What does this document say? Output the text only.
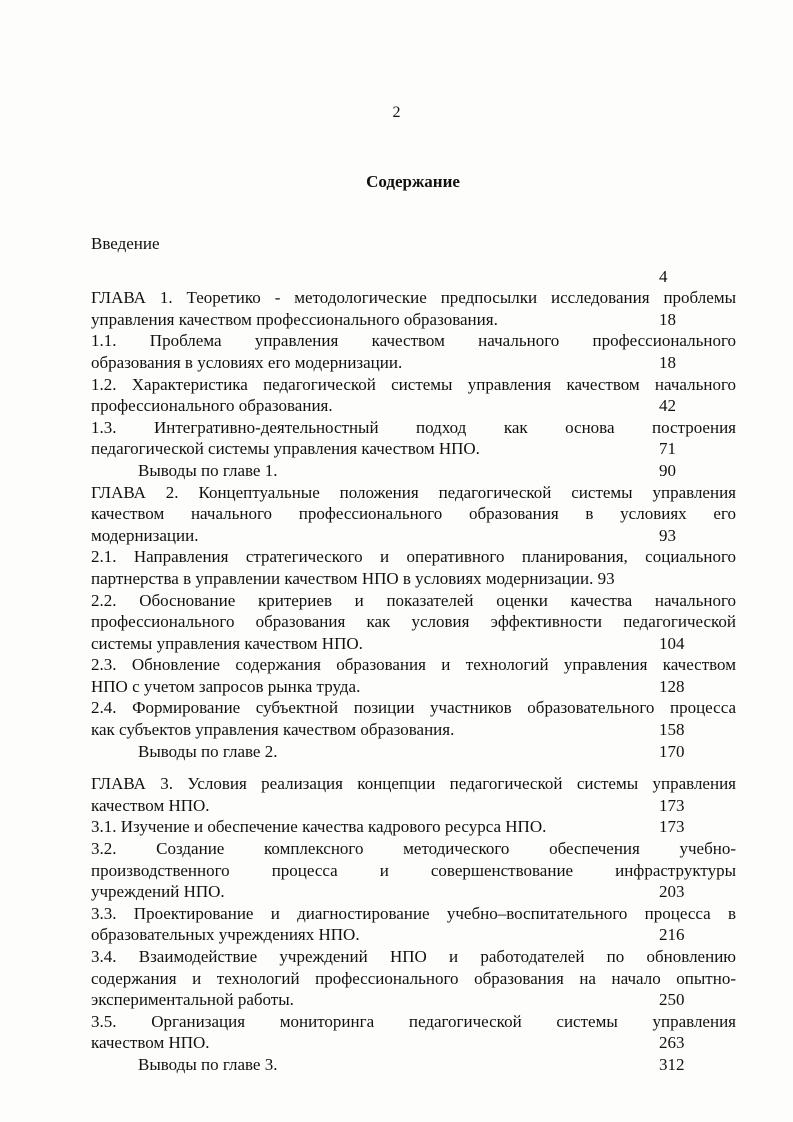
2
Содержание
Введение
4
ГЛАВА 1. Теоретико - методологические предпосылки исследования проблемы
управления качеством профессионального образования.	18
1.1. Проблема управления качеством начального профессионального
образования в условиях его модернизации.	18
1.2. Характеристика педагогической системы управления качеством начального
профессионального образования.	42
1.3. Интегративно-деятельностный подход как основа построения
педагогической системы управления качеством НПО.	71
Выводы по главе 1.	90
ГЛАВА 2. Концептуальные положения педагогической системы управления
качеством начального профессионального образования в условиях его
модернизации.	93
2.1. Направления стратегического и оперативного планирования, социального
партнерства в управлении качеством НПО в условиях модернизации. 93
2.2. Обоснование критериев и показателей оценки качества начального
профессионального образования как условия эффективности педагогической
системы управления качеством НПО.	104
2.3. Обновление содержания образования и технологий управления качеством
НПО с учетом запросов рынка труда.	128
2.4. Формирование субъектной позиции участников образовательного процесса
как субъектов управления качеством образования.	158
Выводы по главе 2.	170
ГЛАВА 3. Условия реализация концепции педагогической системы управления
качеством НПО.	173
3.1. Изучение и обеспечение качества кадрового ресурса НПО.	173
3.2. Создание комплексного методического обеспечения учебно-
производственного процесса и совершенствование инфраструктуры
учреждений НПО.	203
3.3. Проектирование и диагностирование учебно–воспитательного процесса в
образовательных учреждениях НПО.	216
3.4. Взаимодействие учреждений НПО и работодателей по обновлению
содержания и технологий профессионального образования на начало опытно-
экспериментальной работы.	250
3.5. Организация мониторинга педагогической системы управления
качеством НПО.	263
Выводы по главе 3.	312
